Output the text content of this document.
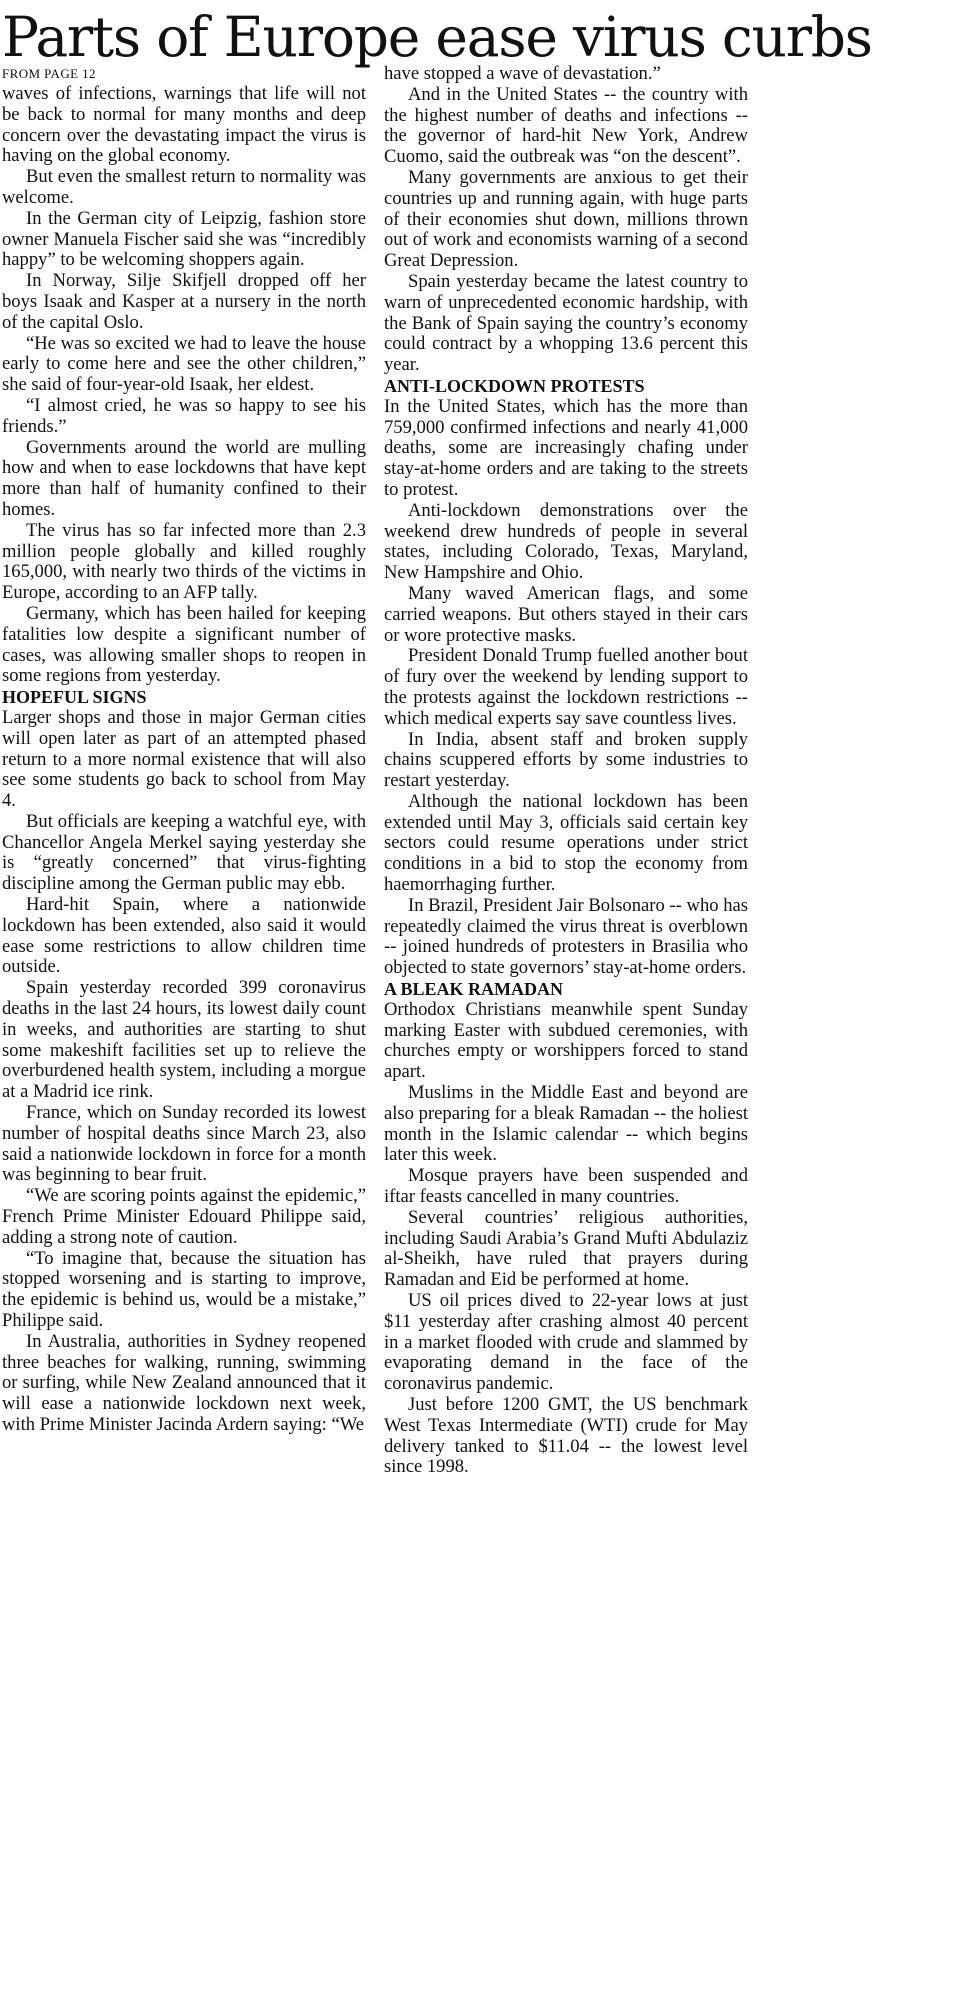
Parts of Europe ease virus curbs
FROM PAGE 12

waves of infections, warnings that life will not be back to normal for many months and deep concern over the devastating impact the virus is having on the global economy.

But even the smallest return to normality was welcome.

In the German city of Leipzig, fashion store owner Manuela Fischer said she was “incredibly happy” to be welcoming shoppers again.

In Norway, Silje Skifjell dropped off her boys Isaak and Kasper at a nursery in the north of the capital Oslo.

“He was so excited we had to leave the house early to come here and see the other children,” she said of four-year-old Isaak, her eldest.

“I almost cried, he was so happy to see his friends.”

Governments around the world are mulling how and when to ease lockdowns that have kept more than half of humanity confined to their homes.

The virus has so far infected more than 2.3 million people globally and killed roughly 165,000, with nearly two thirds of the victims in Europe, according to an AFP tally.

Germany, which has been hailed for keeping fatalities low despite a significant number of cases, was allowing smaller shops to reopen in some regions from yesterday.

HOPEFUL SIGNS

Larger shops and those in major German cities will open later as part of an attempted phased return to a more normal existence that will also see some students go back to school from May 4.

But officials are keeping a watchful eye, with Chancellor Angela Merkel saying yesterday she is “greatly concerned” that virus-fighting discipline among the German public may ebb.

Hard-hit Spain, where a nationwide lockdown has been extended, also said it would ease some restrictions to allow children time outside.

Spain yesterday recorded 399 coronavirus deaths in the last 24 hours, its lowest daily count in weeks, and authorities are starting to shut some makeshift facilities set up to relieve the overburdened health system, including a morgue at a Madrid ice rink.

France, which on Sunday recorded its lowest number of hospital deaths since March 23, also said a nationwide lockdown in force for a month was beginning to bear fruit.

“We are scoring points against the epidemic,” French Prime Minister Edouard Philippe said, adding a strong note of caution.

“To imagine that, because the situation has stopped worsening and is starting to improve, the epidemic is behind us, would be a mistake,” Philippe said.

In Australia, authorities in Sydney reopened three beaches for walking, running, swimming or surfing, while New Zealand announced that it will ease a nationwide lockdown next week, with Prime Minister Jacinda Ardern saying: “We

have stopped a wave of devastation.”

And in the United States -- the country with the highest number of deaths and infections -- the governor of hard-hit New York, Andrew Cuomo, said the outbreak was “on the descent”.

Many governments are anxious to get their countries up and running again, with huge parts of their economies shut down, millions thrown out of work and economists warning of a second Great Depression.

Spain yesterday became the latest country to warn of unprecedented economic hardship, with the Bank of Spain saying the country’s economy could contract by a whopping 13.6 percent this year.

ANTI-LOCKDOWN PROTESTS

In the United States, which has the more than 759,000 confirmed infections and nearly 41,000 deaths, some are increasingly chafing under stay-at-home orders and are taking to the streets to protest.

Anti-lockdown demonstrations over the weekend drew hundreds of people in several states, including Colorado, Texas, Maryland, New Hampshire and Ohio.

Many waved American flags, and some carried weapons. But others stayed in their cars or wore protective masks.

President Donald Trump fuelled another bout of fury over the weekend by lending support to the protests against the lockdown restrictions -- which medical experts say save countless lives.

In India, absent staff and broken supply chains scuppered efforts by some industries to restart yesterday.

Although the national lockdown has been extended until May 3, officials said certain key sectors could resume operations under strict conditions in a bid to stop the economy from haemorrhaging further.

In Brazil, President Jair Bolsonaro -- who has repeatedly claimed the virus threat is overblown -- joined hundreds of protesters in Brasilia who objected to state governors’ stay-at-home orders.

A BLEAK RAMADAN

Orthodox Christians meanwhile spent Sunday marking Easter with subdued ceremonies, with churches empty or worshippers forced to stand apart.

Muslims in the Middle East and beyond are also preparing for a bleak Ramadan -- the holiest month in the Islamic calendar -- which begins later this week.

Mosque prayers have been suspended and iftar feasts cancelled in many countries.

Several countries’ religious authorities, including Saudi Arabia’s Grand Mufti Abdulaziz al-Sheikh, have ruled that prayers during Ramadan and Eid be performed at home.

US oil prices dived to 22-year lows at just $11 yesterday after crashing almost 40 percent in a market flooded with crude and slammed by evaporating demand in the face of the coronavirus pandemic.

Just before 1200 GMT, the US benchmark West Texas Intermediate (WTI) crude for May delivery tanked to $11.04 -- the lowest level since 1998.
